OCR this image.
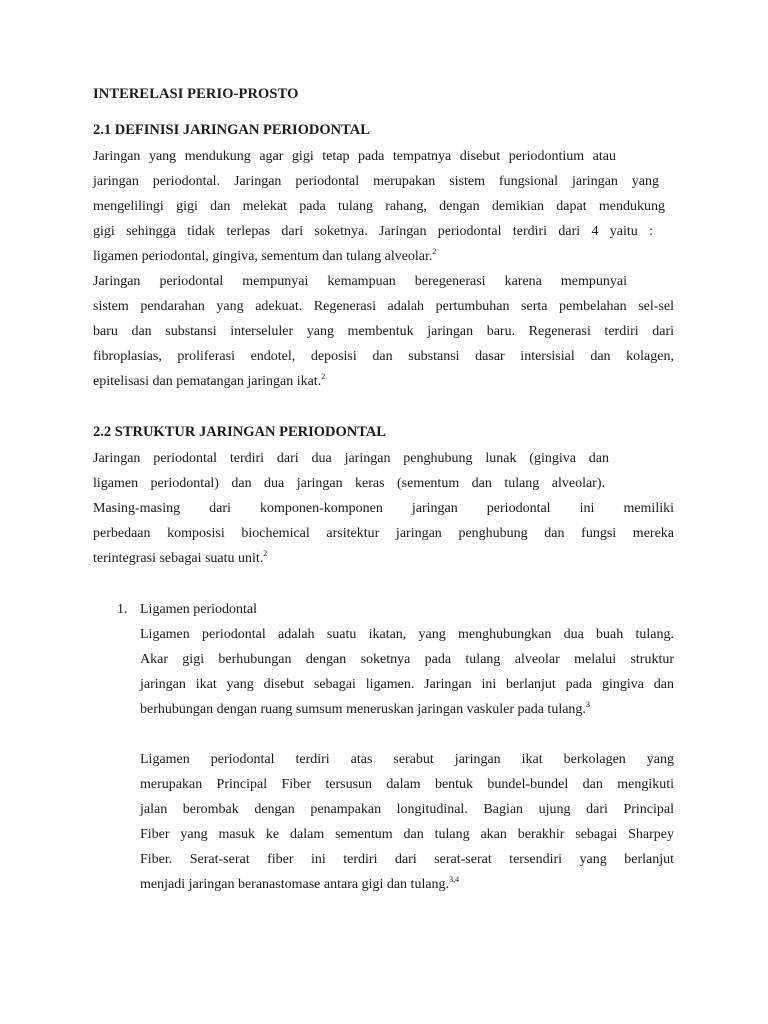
INTERELASI PERIO-PROSTO
2.1 DEFINISI JARINGAN PERIODONTAL
Jaringan yang mendukung agar gigi tetap pada tempatnya disebut periodontium atau
jaringan periodontal. Jaringan periodontal merupakan sistem fungsional jaringan yang
mengelilingi gigi dan melekat pada tulang rahang, dengan demikian dapat mendukung
gigi sehingga tidak terlepas dari soketnya. Jaringan periodontal terdiri dari 4 yaitu :
ligamen periodontal, gingiva, sementum dan tulang alveolar.$^2$
Jaringan periodontal mempunyai kemampuan beregenerasi karena mempunyai
sistem pendarahan yang adekuat. Regenerasi adalah pertumbuhan serta pembelahan sel-sel
baru dan substansi interseluler yang membentuk jaringan baru. Regenerasi terdiri dari
fibroplasias, proliferasi endotel, deposisi dan substansi dasar intersisial dan kolagen,
epitelisasi dan pematangan jaringan ikat.$^2$
2.2 STRUKTUR JARINGAN PERIODONTAL
Jaringan periodontal terdiri dari dua jaringan penghubung lunak (gingiva dan
ligamen periodontal) dan dua jaringan keras (sementum dan tulang alveolar).
Masing-masing dari komponen-komponen jaringan periodontal ini memiliki
perbedaan komposisi biochemical arsitektur jaringan penghubung dan fungsi mereka
terintegrasi sebagai suatu unit.$^2$
1. Ligamen periodontal
Ligamen periodontal adalah suatu ikatan, yang menghubungkan dua buah tulang.
Akar gigi berhubungan dengan soketnya pada tulang alveolar melalui struktur
jaringan ikat yang disebut sebagai ligamen. Jaringan ini berlanjut pada gingiva dan
berhubungan dengan ruang sumsum meneruskan jaringan vaskuler pada tulang.$^3$
Ligamen periodontal terdiri atas serabut jaringan ikat berkolagen yang
merupakan Principal Fiber tersusun dalam bentuk bundel-bundel dan mengikuti
jalan berombak dengan penampakan longitudinal. Bagian ujung dari Principal
Fiber yang masuk ke dalam sementum dan tulang akan berakhir sebagai Sharpey
Fiber. Serat-serat fiber ini terdiri dari serat-serat tersendiri yang berlanjut
menjadi jaringan beranastomase antara gigi dan tulang.$^{3,4}$
